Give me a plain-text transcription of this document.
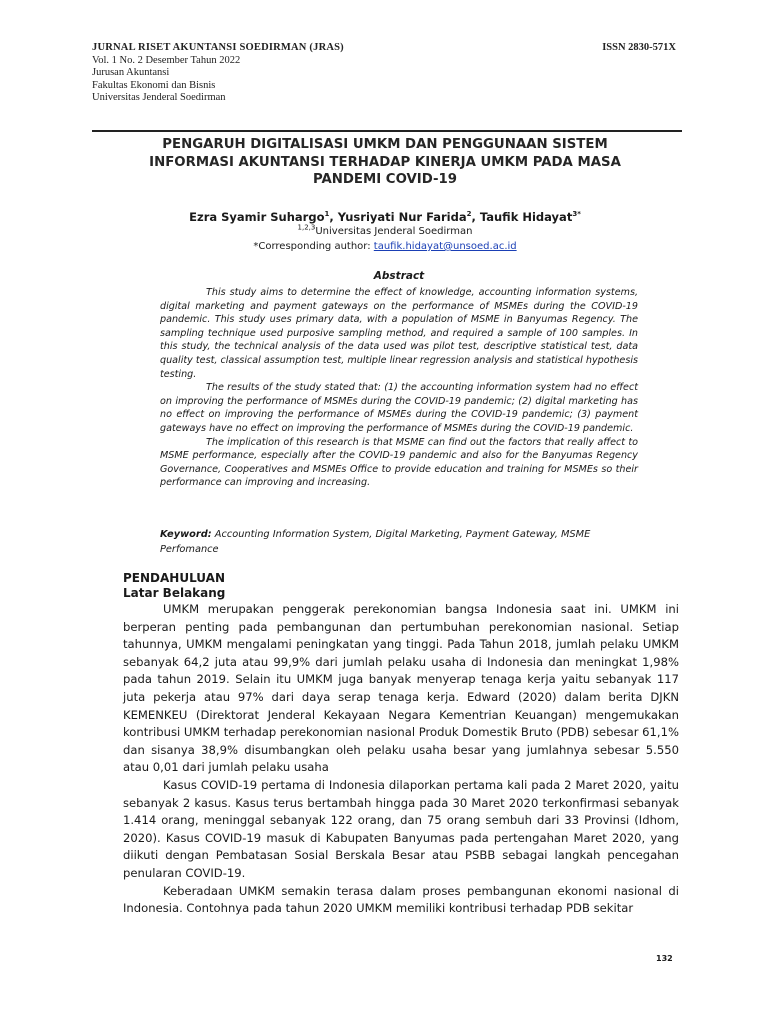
JURNAL RISET AKUNTANSI SOEDIRMAN (JRAS)
Vol. 1 No. 2 Desember Tahun 2022
Jurusan Akuntansi
Fakultas Ekonomi dan Bisnis
Universitas Jenderal Soedirman
ISSN 2830-571X
PENGARUH DIGITALISASI UMKM DAN PENGGUNAAN SISTEM
INFORMASI AKUNTANSI TERHADAP KINERJA UMKM PADA MASA
PANDEMI COVID-19
Ezra Syamir Suhargo$^1$, Yusriyati Nur Farida$^2$, Taufik Hidayat$^{3*}$
$^{1,2,3}$Universitas Jenderal Soedirman
*Corresponding author: taufik.hidayat@unsoed.ac.id
Abstract

This study aims to determine the effect of knowledge, accounting information systems, digital marketing and payment gateways on the performance of MSMEs during the COVID-19 pandemic. This study uses primary data, with a population of MSME in Banyumas Regency. The sampling technique used purposive sampling method, and required a sample of 100 samples. In this study, the technical analysis of the data used was pilot test, descriptive statistical test, data quality test, classical assumption test, multiple linear regression analysis and statistical hypothesis testing.

The results of the study stated that: (1) the accounting information system had no effect on improving the performance of MSMEs during the COVID-19 pandemic; (2) digital marketing has no effect on improving the performance of MSMEs during the COVID-19 pandemic; (3) payment gateways have no effect on improving the performance of MSMEs during the COVID-19 pandemic.

The implication of this research is that MSME can find out the factors that really affect to MSME performance, especially after the COVID-19 pandemic and also for the Banyumas Regency Governance, Cooperatives and MSMEs Office to provide education and training for MSMEs so their performance can improving and increasing.

Keyword: Accounting Information System, Digital Marketing, Payment Gateway, MSME Perfomance
PENDAHULUAN
Latar Belakang

UMKM merupakan penggerak perekonomian bangsa Indonesia saat ini. UMKM ini berperan penting pada pembangunan dan pertumbuhan perekonomian nasional. Setiap tahunnya, UMKM mengalami peningkatan yang tinggi. Pada Tahun 2018, jumlah pelaku UMKM sebanyak 64,2 juta atau 99,9% dari jumlah pelaku usaha di Indonesia dan meningkat 1,98% pada tahun 2019. Selain itu UMKM juga banyak menyerap tenaga kerja yaitu sebanyak 117 juta pekerja atau 97% dari daya serap tenaga kerja. Edward (2020) dalam berita DJKN KEMENKEU (Direktorat Jenderal Kekayaan Negara Kementrian Keuangan) mengemukakan kontribusi UMKM terhadap perekonomian nasional Produk Domestik Bruto (PDB) sebesar 61,1% dan sisanya 38,9% disumbangkan oleh pelaku usaha besar yang jumlahnya sebesar 5.550 atau 0,01 dari jumlah pelaku usaha

Kasus COVID-19 pertama di Indonesia dilaporkan pertama kali pada 2 Maret 2020, yaitu sebanyak 2 kasus. Kasus terus bertambah hingga pada 30 Maret 2020 terkonfirmasi sebanyak 1.414 orang, meninggal sebanyak 122 orang, dan 75 orang sembuh dari 33 Provinsi (Idhom, 2020). Kasus COVID-19 masuk di Kabupaten Banyumas pada pertengahan Maret 2020, yang diikuti dengan Pembatasan Sosial Berskala Besar atau PSBB sebagai langkah pencegahan penularan COVID-19.

Keberadaan UMKM semakin terasa dalam proses pembangunan ekonomi nasional di Indonesia. Contohnya pada tahun 2020 UMKM memiliki kontribusi terhadap PDB sekitar

132
